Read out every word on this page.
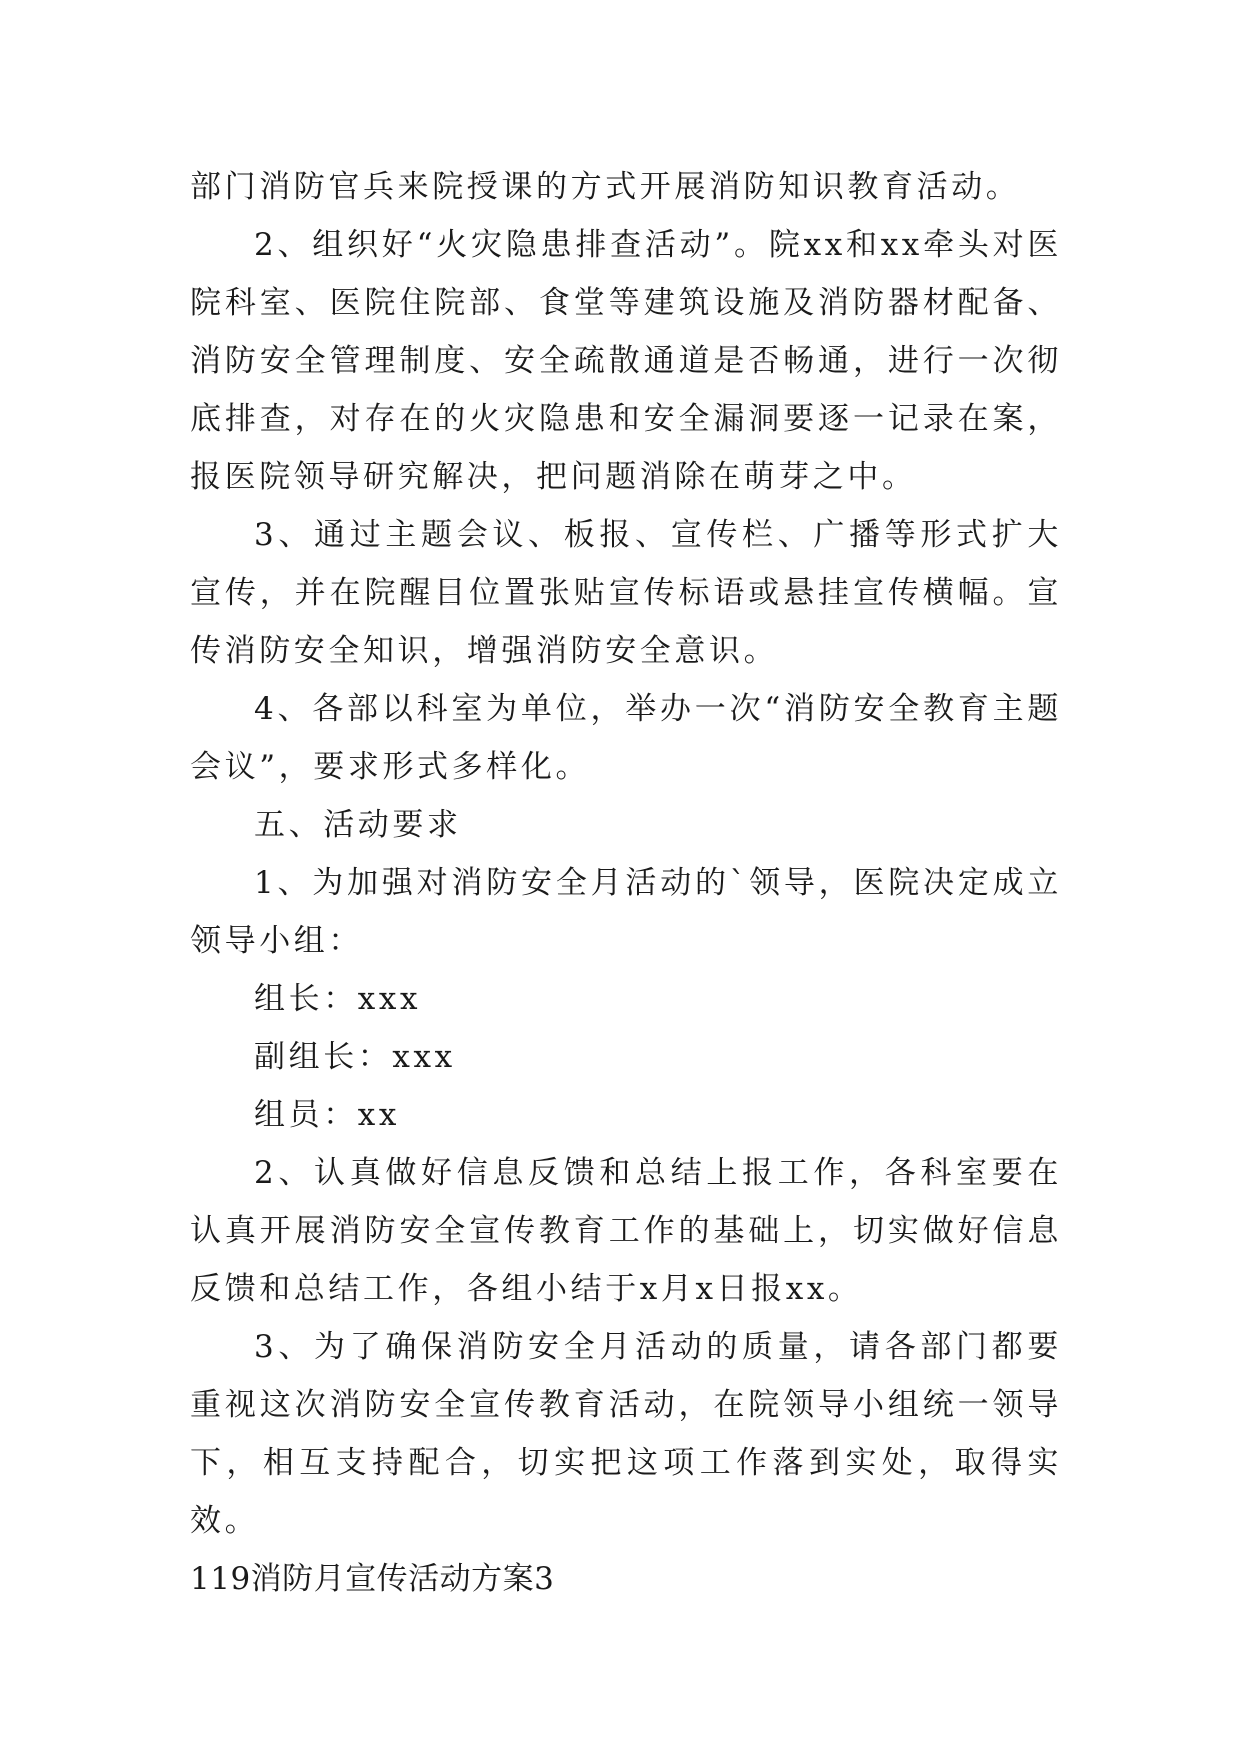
部门消防官兵来院授课的方式开展消防知识教育活动。

2、组织好“火灾隐患排查活动”。院xx和xx牵头对医院科室、医院住院部、食堂等建筑设施及消防器材配备、消防安全管理制度、安全疏散通道是否畅通，进行一次彻底排查，对存在的火灾隐患和安全漏洞要逐一记录在案，报医院领导研究解决，把问题消除在萌芽之中。

3、通过主题会议、板报、宣传栏、广播等形式扩大宣传，并在院醒目位置张贴宣传标语或悬挂宣传横幅。宣传消防安全知识，增强消防安全意识。

4、各部以科室为单位，举办一次“消防安全教育主题会议”，要求形式多样化。

五、活动要求

1、为加强对消防安全月活动的`领导，医院决定成立领导小组：

组长：xxx

副组长：xxx

组员：xx

2、认真做好信息反馈和总结上报工作，各科室要在认真开展消防安全宣传教育工作的基础上，切实做好信息反馈和总结工作，各组小结于x月x日报xx。

3、为了确保消防安全月活动的质量，请各部门都要重视这次消防安全宣传教育活动，在院领导小组统一领导下，相互支持配合，切实把这项工作落到实处，取得实效。

119消防月宣传活动方案3
